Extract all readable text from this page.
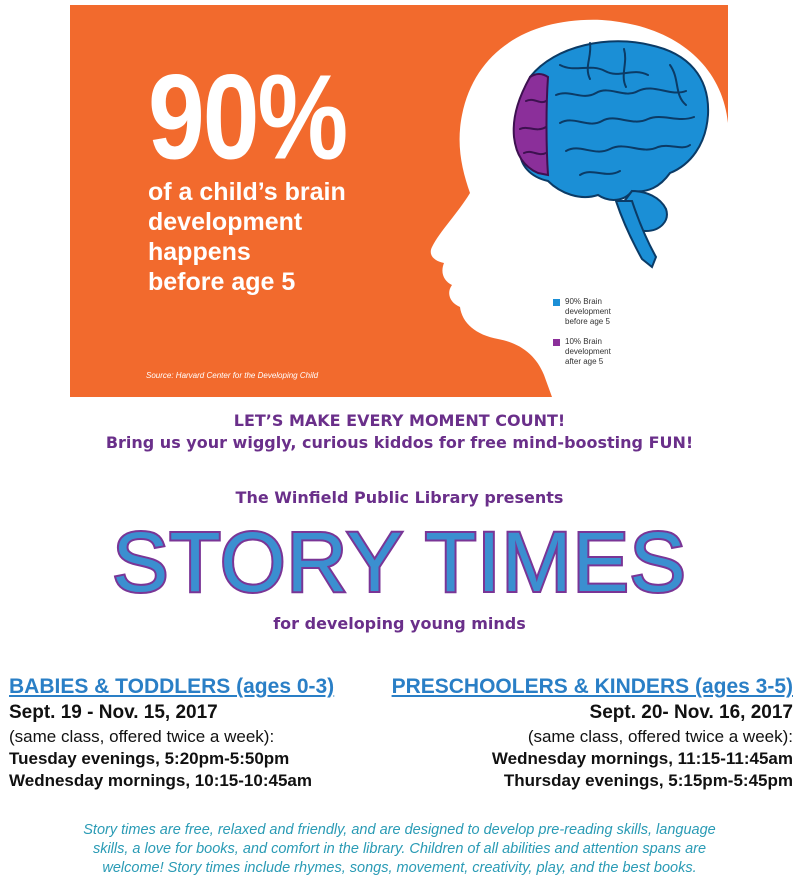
90%
of a child’s brain
development
happens
before age 5
90% Brain
development
before age 5
10% Brain
development
after age 5
Source: Harvard Center for the Developing Child
LET’S MAKE EVERY MOMENT COUNT!
Bring us your wiggly, curious kiddos for free mind-boosting FUN!
The Winfield Public Library presents
STORY TIMES
for developing young minds
BABIES & TODDLERS (ages 0-3)
Sept. 19 - Nov. 15, 2017
(same class, offered twice a week):
Tuesday evenings, 5:20pm-5:50pm
Wednesday mornings, 10:15-10:45am
PRESCHOOLERS & KINDERS (ages 3-5)
Sept. 20- Nov. 16, 2017
(same class, offered twice a week):
Wednesday mornings, 11:15-11:45am
Thursday evenings, 5:15pm-5:45pm
Story times are free, relaxed and friendly, and are designed to develop pre-reading skills, language
skills, a love for books, and comfort in the library. Children of all abilities and attention spans are
welcome! Story times include rhymes, songs, movement, creativity, play, and the best books.
